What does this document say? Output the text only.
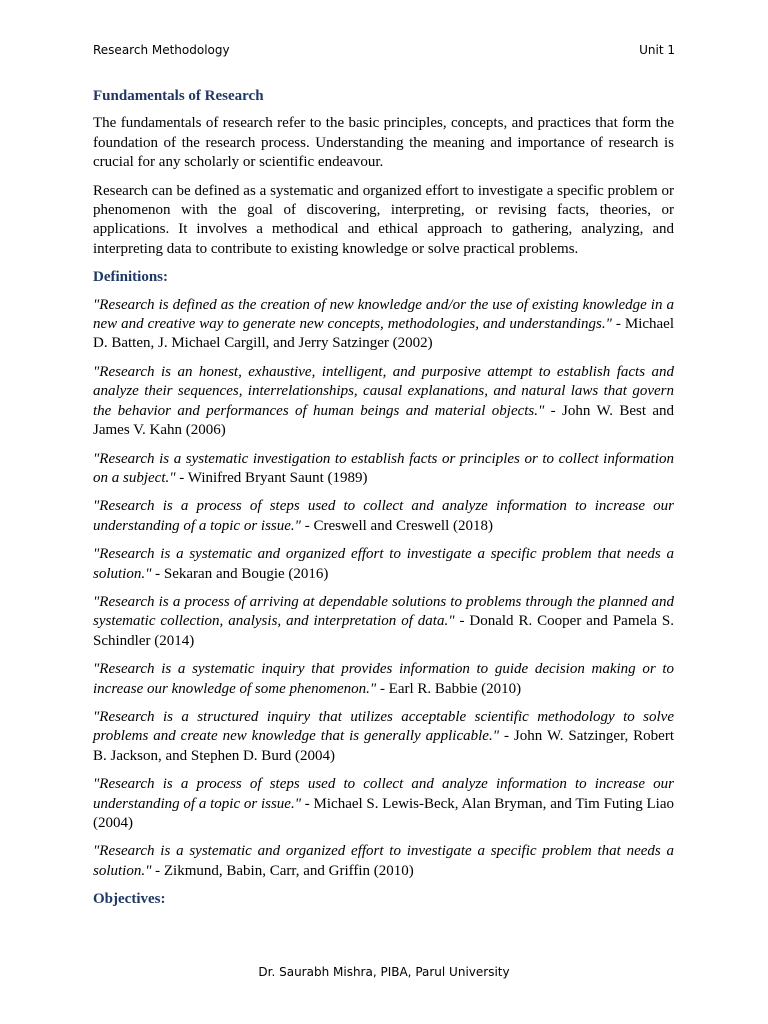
Research Methodology	Unit 1
Fundamentals of Research

The fundamentals of research refer to the basic principles, concepts, and practices that form the foundation of the research process. Understanding the meaning and importance of research is crucial for any scholarly or scientific endeavour.

Research can be defined as a systematic and organized effort to investigate a specific problem or phenomenon with the goal of discovering, interpreting, or revising facts, theories, or applications. It involves a methodical and ethical approach to gathering, analyzing, and interpreting data to contribute to existing knowledge or solve practical problems.

Definitions:

"Research is defined as the creation of new knowledge and/or the use of existing knowledge in a new and creative way to generate new concepts, methodologies, and understandings." - Michael D. Batten, J. Michael Cargill, and Jerry Satzinger (2002)

"Research is an honest, exhaustive, intelligent, and purposive attempt to establish facts and analyze their sequences, interrelationships, causal explanations, and natural laws that govern the behavior and performances of human beings and material objects." - John W. Best and James V. Kahn (2006)

"Research is a systematic investigation to establish facts or principles or to collect information on a subject." - Winifred Bryant Saunt (1989)

"Research is a process of steps used to collect and analyze information to increase our understanding of a topic or issue." - Creswell and Creswell (2018)

"Research is a systematic and organized effort to investigate a specific problem that needs a solution." - Sekaran and Bougie (2016)

"Research is a process of arriving at dependable solutions to problems through the planned and systematic collection, analysis, and interpretation of data." - Donald R. Cooper and Pamela S. Schindler (2014)

"Research is a systematic inquiry that provides information to guide decision making or to increase our knowledge of some phenomenon." - Earl R. Babbie (2010)

"Research is a structured inquiry that utilizes acceptable scientific methodology to solve problems and create new knowledge that is generally applicable." - John W. Satzinger, Robert B. Jackson, and Stephen D. Burd (2004)

"Research is a process of steps used to collect and analyze information to increase our understanding of a topic or issue." - Michael S. Lewis-Beck, Alan Bryman, and Tim Futing Liao (2004)

"Research is a systematic and organized effort to investigate a specific problem that needs a solution." - Zikmund, Babin, Carr, and Griffin (2010)

Objectives:
Dr. Saurabh Mishra, PIBA, Parul University
